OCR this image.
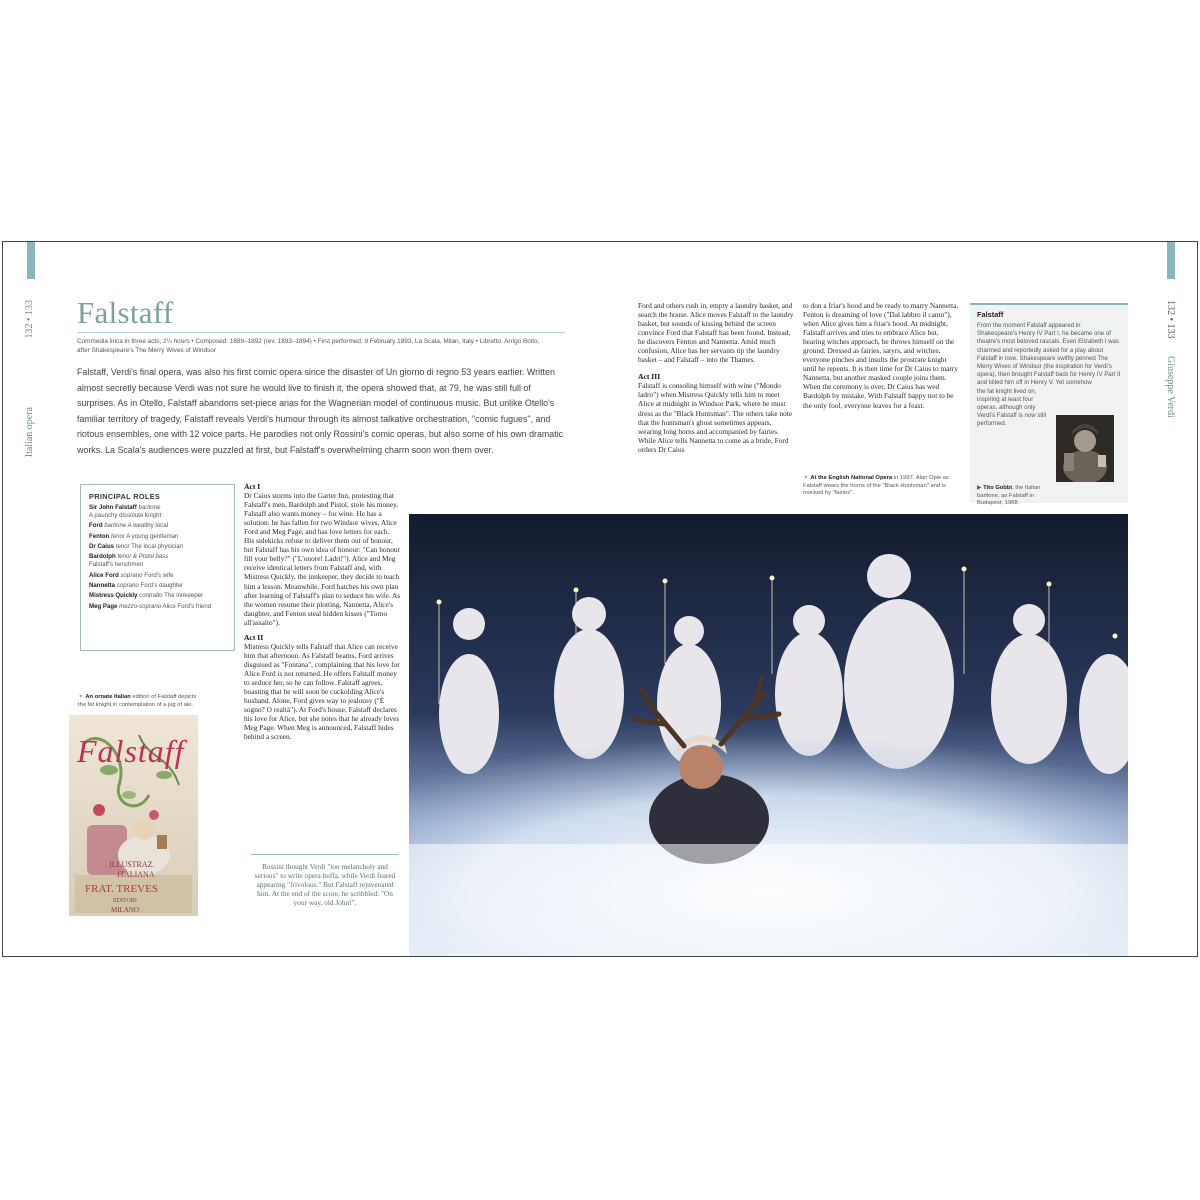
132 • 133
Italian opera
132 • 133
Giuseppe Verdi
Falstaff
Commedia lirica in three acts, 2¼ hours • Composed: 1889–1892 (rev. 1893–1894) • First performed: 9 February 1893, La Scala, Milan, Italy • Libretto: Arrigo Boito,
after Shakespeare's The Merry Wives of Windsor
Falstaff, Verdi's final opera, was also his first comic opera since the disaster of Un giorno di regno 53 years earlier. Written almost secretly because Verdi was not sure he would live to finish it, the opera showed that, at 79, he was still full of surprises. As in Otello, Falstaff abandons set-piece arias for the Wagnerian model of continuous music. But unlike Otello's familiar territory of tragedy, Falstaff reveals Verdi's humour through its almost talkative orchestration, "comic fugues", and riotous ensembles, one with 12 voice parts. He parodies not only Rossini's comic operas, but also some of his own dramatic works. La Scala's audiences were puzzled at first, but Falstaff's overwhelming charm soon won them over.
PRINCIPAL ROLES
Sir John Falstaff baritone
A paunchy dissolute knight
Ford baritone A wealthy local
Fenton tenor A young gentleman
Dr Caius tenor The local physician
Bardolph tenor & Pistol bass
Falstaff's henchmen
Alice Ford soprano Ford's wife
Nannetta soprano Ford's daughter
Mistress Quickly contralto The innkeeper
Meg Page mezzo-soprano Alice Ford's friend
▼ An ornate Italian edition of Falstaff depicts the fat knight in contemplation of a jug of ale.
Falstaff
ILLUSTRAZ.
ITALIANA
FRAT. TREVES
EDITORI
MILANO
Act I

Dr Caius storms into the Garter Inn, protesting that Falstaff's men, Bardolph and Pistol, stole his money. Falstaff also wants money – for wine. He has a solution: he has fallen for two Windsor wives, Alice Ford and Meg Page, and has love letters for each. His sidekicks refuse to deliver them out of honour, but Falstaff has his own idea of honour: "Can honour fill your belly?" ("L'onore! Ladri!"). Alice and Meg receive identical letters from Falstaff and, with Mistress Quickly, the innkeeper, they decide to teach him a lesson. Meanwhile, Ford hatches his own plan after learning of Falstaff's plan to seduce his wife. As the women resume their plotting, Nannetta, Alice's daughter, and Fenton steal hidden kisses ("Torno all'assalto").

Act II

Mistress Quickly tells Falstaff that Alice can receive him that afternoon. As Falstaff beams, Ford arrives disguised as "Fontana", complaining that his love for Alice Ford is not returned. He offers Falstaff money to seduce her, so he can follow. Falstaff agrees, boasting that he will soon be cuckolding Alice's husband. Alone, Ford gives way to jealousy ("È sogno? O realtà"). At Ford's house, Falstaff declares his love for Alice, but she notes that he already loves Meg Page. When Meg is announced, Falstaff hides behind a screen.

Rossini thought Verdi "too melancholy and serious" to write opera buffa, while Verdi feared appearing "frivolous." But Falstaff rejuvenated him. At the end of the score, he scribbled: "On your way, old John!".

Ford and others rush in, empty a laundry basket, and search the house. Alice moves Falstaff to the laundry basket, but sounds of kissing behind the screen convince Ford that Falstaff has been found. Instead, he discovers Fenton and Nannetta. Amid much confusion, Alice has her servants tip the laundry basket – and Falstaff – into the Thames.

Act III

Falstaff is consoling himself with wine ("Mondo ladro") when Mistress Quickly tells him to meet Alice at midnight in Windsor Park, where he must dress as the "Black Huntsman". The others take note that the huntsman's ghost sometimes appears, wearing long horns and accompanied by fairies. While Alice tells Nannetta to come as a bride, Ford orders Dr Caius

to don a friar's hood and be ready to marry Nannetta. Fenton is dreaming of love ("Dal labbro il canto"), when Alice gives him a friar's hood. At midnight, Falstaff arrives and tries to embrace Alice but, hearing witches approach, he throws himself on the ground. Dressed as fairies, satyrs, and witches, everyone pinches and insults the prostrate knight until he repents. It is then time for Dr Caius to marry Nannetta, but another masked couple joins them. When the ceremony is over, Dr Caius has wed Bardolph by mistake. With Falstaff happy not to be the only fool, everyone leaves for a feast.

▼ At the English National Opera in 1997. Alan Opie as Falstaff wears the horns of the "Black Huntsman" and is mocked by "fairies".
Falstaff

From the moment Falstaff appeared in Shakespeare's Henry IV Part I, he became one of theatre's most beloved rascals. Even Elizabeth I was charmed and reportedly asked for a play about Falstaff in love. Shakespeare swiftly penned The Merry Wives of Windsor (the inspiration for Verdi's opera), then brought Falstaff back for Henry IV Part II and killed him off in Henry V. Yet somehow

the fat knight lived on, inspiring at least four operas, although only Verdi's Falstaff is now still performed.

▶ Tito Gobbi, the Italian baritone, as Falstaff in Budapest, 1968.
